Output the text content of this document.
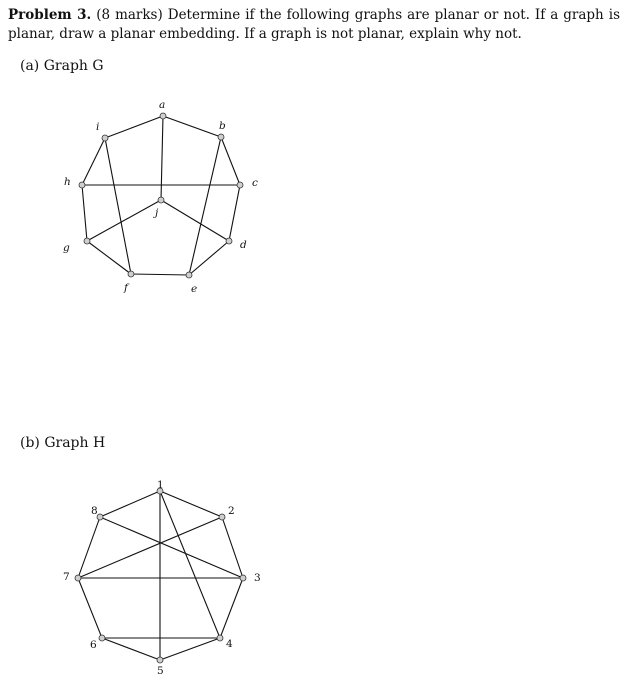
Problem 3. (8 marks) Determine if the following graphs are planar or not. If a graph is planar, draw a planar embedding. If a graph is not planar, explain why not.
(a) Graph G
(b) Graph H
a
b
c
d
e
f
g
h
i
j
1
2
3
4
5
6
7
8
